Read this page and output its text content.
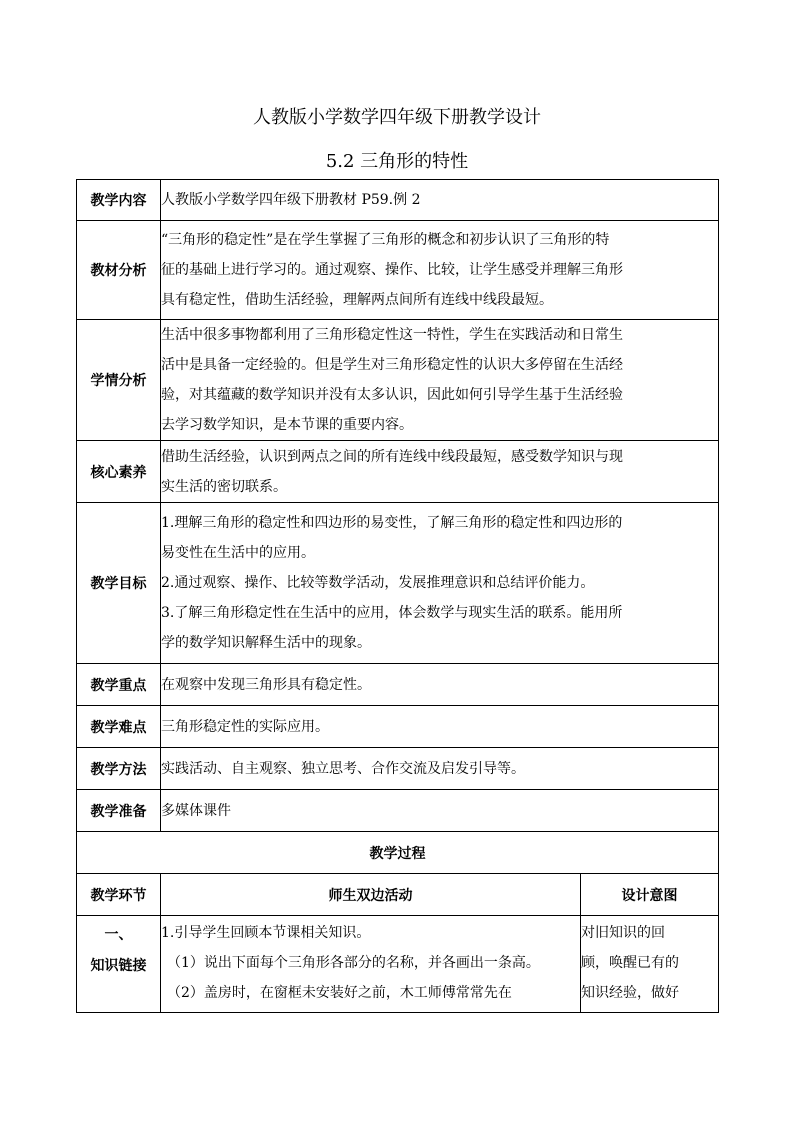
人教版小学数学四年级下册教学设计
5.2 三角形的特性
教学内容	人教版小学数学四年级下册教材 P59.例 2	
教材分析	“三角形的稳定性”是在学生掌握了三角形的概念和初步认识了三角形的特
征的基础上进行学习的。通过观察、操作、比较，让学生感受并理解三角形
具有稳定性，借助生活经验，理解两点间所有连线中线段最短。	

学情分析	生活中很多事物都利用了三角形稳定性这一特性，学生在实践活动和日常生
活中是具备一定经验的。但是学生对三角形稳定性的认识大多停留在生活经
验，对其蕴藏的数学知识并没有太多认识，因此如何引导学生基于生活经验
去学习数学知识，是本节课的重要内容。	

核心素养	借助生活经验，认识到两点之间的所有连线中线段最短，感受数学知识与现
实生活的密切联系。	

教学目标	1.理解三角形的稳定性和四边形的易变性，了解三角形的稳定性和四边形的
易变性在生活中的应用。
2.通过观察、操作、比较等数学活动，发展推理意识和总结评价能力。
3.了解三角形稳定性在生活中的应用，体会数学与现实生活的联系。能用所
学的数学知识解释生活中的现象。	

教学重点	在观察中发现三角形具有稳定性。	
教学难点	三角形稳定性的实际应用。	
教学方法	实践活动、自主观察、独立思考、合作交流及启发引导等。	
教学准备	多媒体课件	
教学过程		
教学环节	师生双边活动	设计意图

一、
知识链接	1.引导学生回顾本节课相关知识。
（1）说出下面每个三角形各部分的名称，并各画出一条高。
（2）盖房时，在窗框未安装好之前，木工师傅常常先在	对旧知识的回
顾，唤醒已有的
知识经验，做好
